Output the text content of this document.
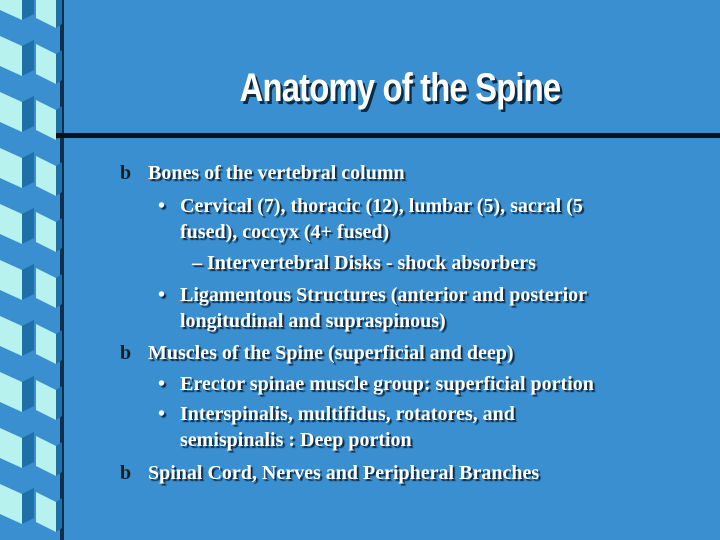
Anatomy of the Spine
b Bones of the vertebral column
• Cervical (7), thoracic (12), lumbar (5), sacral (5
fused), coccyx (4+ fused)
– Intervertebral Disks - shock absorbers
• Ligamentous Structures (anterior and posterior
longitudinal and supraspinous)
b Muscles of the Spine (superficial and deep)
• Erector spinae muscle group: superficial portion
• Interspinalis, multifidus, rotatores, and
semispinalis : Deep portion
b Spinal Cord, Nerves and Peripheral Branches
